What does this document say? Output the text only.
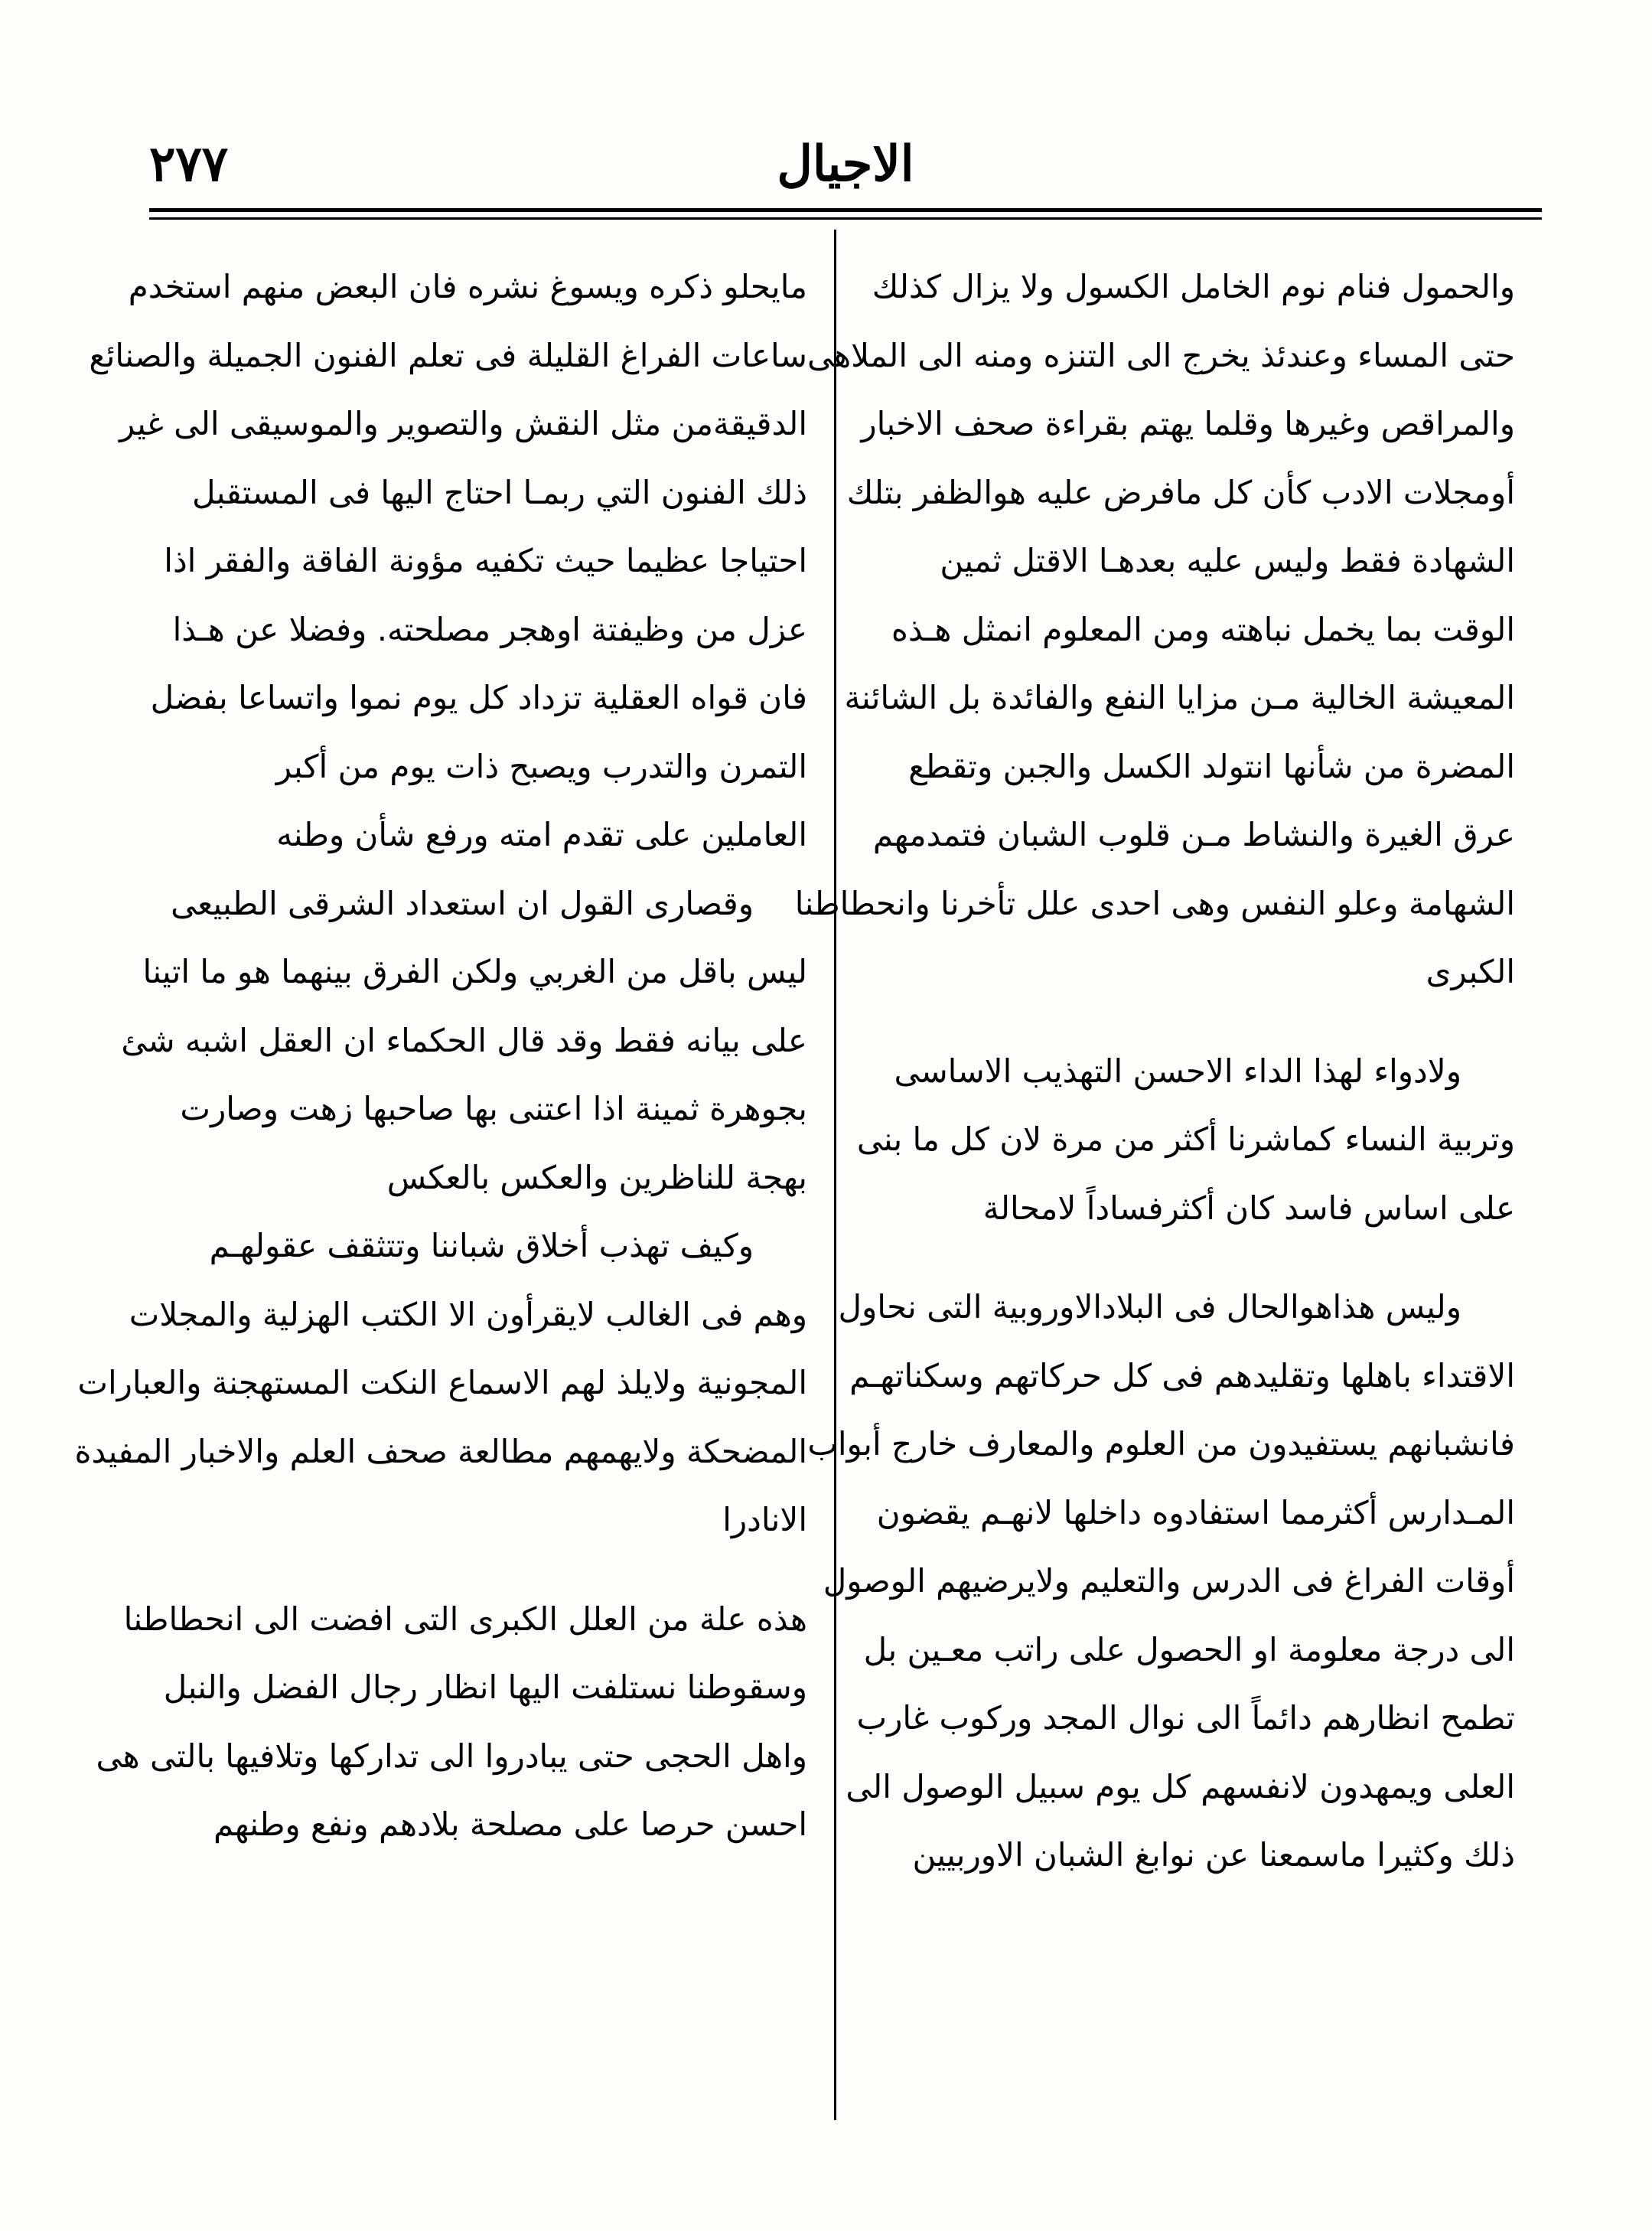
الاجيال
٢٧٧
والحمول فنام نوم الخامل الكسول ولا يزال كذلك
حتى المساء وعندئذ يخرج الى التنزه ومنه الى الملاهى
والمراقص وغيرها وقلما يهتم بقراءة صحف الاخبار
أومجلات الادب كأن كل مافرض عليه هوالظفر بتلك
الشهادة فقط وليس عليه بعدهـا الاقتل ثمين
الوقت بما يخمل نباهته ومن المعلوم انمثل هـذه
المعيشة الخالية مـن مزايا النفع والفائدة بل الشائنة
المضرة من شأنها انتولد الكسل والجبن وتقطع
عرق الغيرة والنشاط مـن قلوب الشبان فتمدمهم
الشهامة وعلو النفس وهى احدى علل تأخرنا وانحطاطنا
الكبرى
ولادواء لهذا الداء الاحسن التهذيب الاساسى
وتربية النساء كماشرنا أكثر من مرة لان كل ما بنى
على اساس فاسد كان أكثرفساداً لامحالة
وليس هذاهوالحال فى البلادالاوروبية التى نحاول
الاقتداء باهلها وتقليدهم فى كل حركاتهم وسكناتهـم
فانشبانهم يستفيدون من العلوم والمعارف خارج أبواب
المـدارس أكثرمما استفادوه داخلها لانهـم يقضون
أوقات الفراغ فى الدرس والتعليم ولايرضيهم الوصول
الى درجة معلومة او الحصول على راتب معـين بل
تطمح انظارهم دائماً الى نوال المجد وركوب غارب
العلى ويمهدون لانفسهم كل يوم سبيل الوصول الى
ذلك وكثيرا ماسمعنا عن نوابغ الشبان الاوربيين
مايحلو ذكره ويسوغ نشره فان البعض منهم استخدم
ساعات الفراغ القليلة فى تعلم الفنون الجميلة والصنائع
الدقيقةمن مثل النقش والتصوير والموسيقى الى غير
ذلك الفنون التي ربمـا احتاج اليها فى المستقبل
احتياجا عظيما حيث تكفيه مؤونة الفاقة والفقر اذا
عزل من وظيفتة اوهجر مصلحته. وفضلا عن هـذا
فان قواه العقلية تزداد كل يوم نموا واتساعا بفضل
التمرن والتدرب ويصبح ذات يوم من أكبر
العاملين على تقدم امته ورفع شأن وطنه
وقصارى القول ان استعداد الشرقى الطبيعى
ليس باقل من الغربي ولكن الفرق بينهما هو ما اتينا
على بيانه فقط وقد قال الحكماء ان العقل اشبه شئ
بجوهرة ثمينة اذا اعتنى بها صاحبها زهت وصارت
بهجة للناظرين والعكس بالعكس
وكيف تهذب أخلاق شباننا وتتثقف عقولهـم
وهم فى الغالب لايقرأون الا الكتب الهزلية والمجلات
المجونية ولايلذ لهم الاسماع النكت المستهجنة والعبارات
المضحكة ولايهمهم مطالعة صحف العلم والاخبار المفيدة
الانادرا
هذه علة من العلل الكبرى التى افضت الى انحطاطنا
وسقوطنا نستلفت اليها انظار رجال الفضل والنبل
واهل الحجى حتى يبادروا الى تداركها وتلافيها بالتى هى
احسن حرصا على مصلحة بلادهم ونفع وطنهم
